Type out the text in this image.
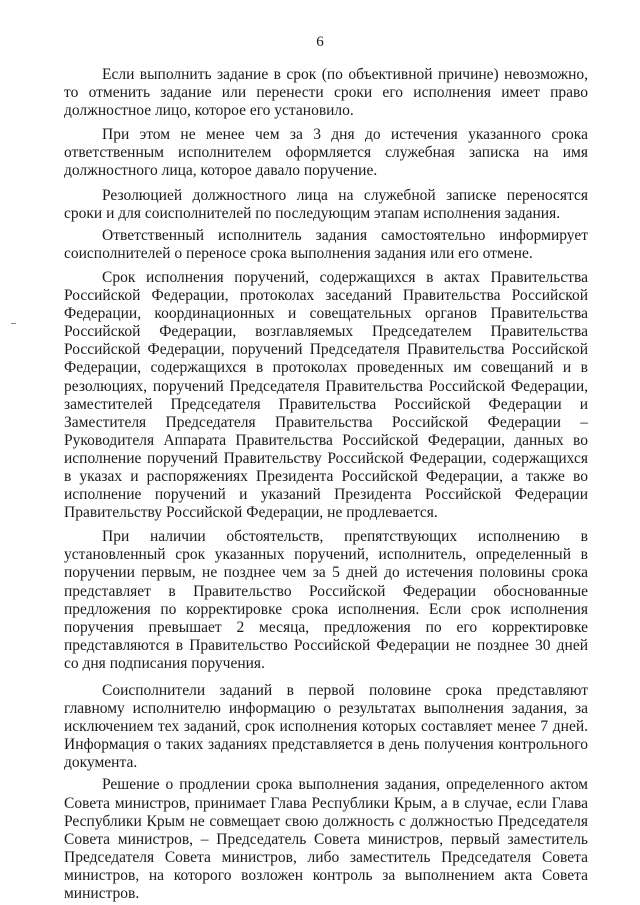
6

Если выполнить задание в срок (по объективной причине) невозможно, то отменить задание или перенести сроки его исполнения имеет право должностное лицо, которое его установило.

При этом не менее чем за 3 дня до истечения указанного срока ответственным исполнителем оформляется служебная записка на имя должностного лица, которое давало поручение.

Резолюцией должностного лица на служебной записке переносятся сроки и для соисполнителей по последующим этапам исполнения задания.

Ответственный исполнитель задания самостоятельно информирует соисполнителей о переносе срока выполнения задания или его отмене.

Срок исполнения поручений, содержащихся в актах Правительства Российской Федерации, протоколах заседаний Правительства Российской Федерации, координационных и совещательных органов Правительства Российской Федерации, возглавляемых Председателем Правительства Российской Федерации, поручений Председателя Правительства Российской Федерации, содержащихся в протоколах проведенных им совещаний и в резолюциях, поручений Председателя Правительства Российской Федерации, заместителей Председателя Правительства Российской Федерации и Заместителя Председателя Правительства Российской Федерации – Руководителя Аппарата Правительства Российской Федерации, данных во исполнение поручений Правительству Российской Федерации, содержащихся в указах и распоряжениях Президента Российской Федерации, а также во исполнение поручений и указаний Президента Российской Федерации Правительству Российской Федерации, не продлевается.

При наличии обстоятельств, препятствующих исполнению в установленный срок указанных поручений, исполнитель, определенный в поручении первым, не позднее чем за 5 дней до истечения половины срока представляет в Правительство Российской Федерации обоснованные предложения по корректировке срока исполнения. Если срок исполнения поручения превышает 2 месяца, предложения по его корректировке представляются в Правительство Российской Федерации не позднее 30 дней со дня подписания поручения.

Соисполнители заданий в первой половине срока представляют главному исполнителю информацию о результатах выполнения задания, за исключением тех заданий, срок исполнения которых составляет менее 7 дней. Информация о таких заданиях представляется в день получения контрольного документа.

Решение о продлении срока выполнения задания, определенного актом Совета министров, принимает Глава Республики Крым, а в случае, если Глава Республики Крым не совмещает свою должность с должностью Председателя Совета министров, – Председатель Совета министров, первый заместитель Председателя Совета министров, либо заместитель Председателя Совета министров, на которого возложен контроль за выполнением акта Совета министров.
